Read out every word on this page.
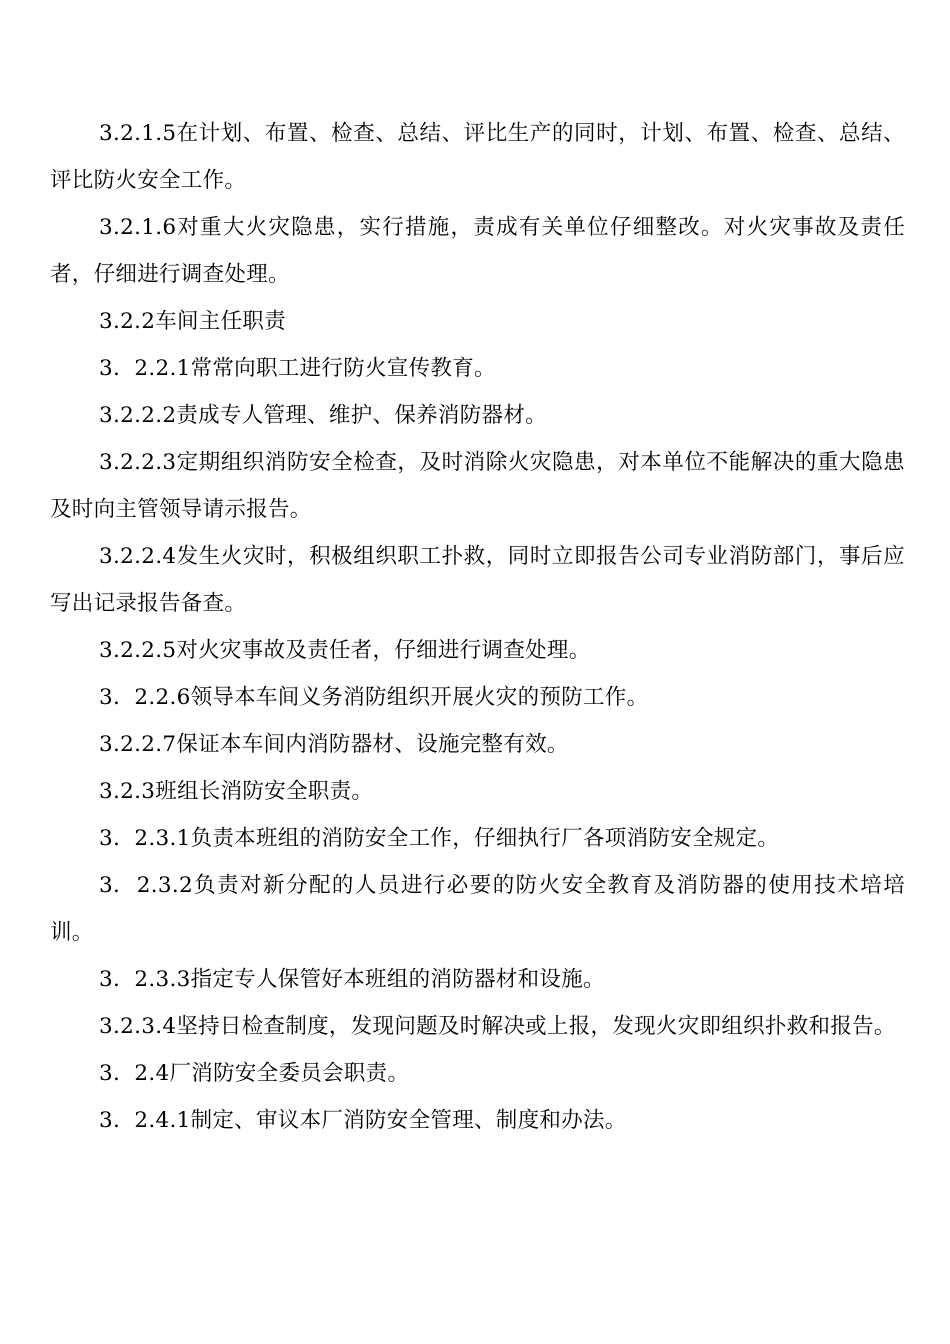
3.2.1.5在计划、布置、检查、总结、评比生产的同时，计划、布置、检查、总结、评比防火安全工作。

3.2.1.6对重大火灾隐患，实行措施，责成有关单位仔细整改。对火灾事故及责任者，仔细进行调查处理。

3.2.2车间主任职责

3.  2.2.1常常向职工进行防火宣传教育。

3.2.2.2责成专人管理、维护、保养消防器材。

3.2.2.3定期组织消防安全检查，及时消除火灾隐患，对本单位不能解决的重大隐患及时向主管领导请示报告。

3.2.2.4发生火灾时，积极组织职工扑救，同时立即报告公司专业消防部门，事后应写出记录报告备查。

3.2.2.5对火灾事故及责任者，仔细进行调查处理。

3.  2.2.6领导本车间义务消防组织开展火灾的预防工作。

3.2.2.7保证本车间内消防器材、设施完整有效。

3.2.3班组长消防安全职责。

3.  2.3.1负责本班组的消防安全工作，仔细执行厂各项消防安全规定。

3.  2.3.2负责对新分配的人员进行必要的防火安全教育及消防器的使用技术培培训。

3.  2.3.3指定专人保管好本班组的消防器材和设施。

3.2.3.4坚持日检查制度，发现问题及时解决或上报，发现火灾即组织扑救和报告。

3.  2.4厂消防安全委员会职责。

3.  2.4.1制定、审议本厂消防安全管理、制度和办法。
